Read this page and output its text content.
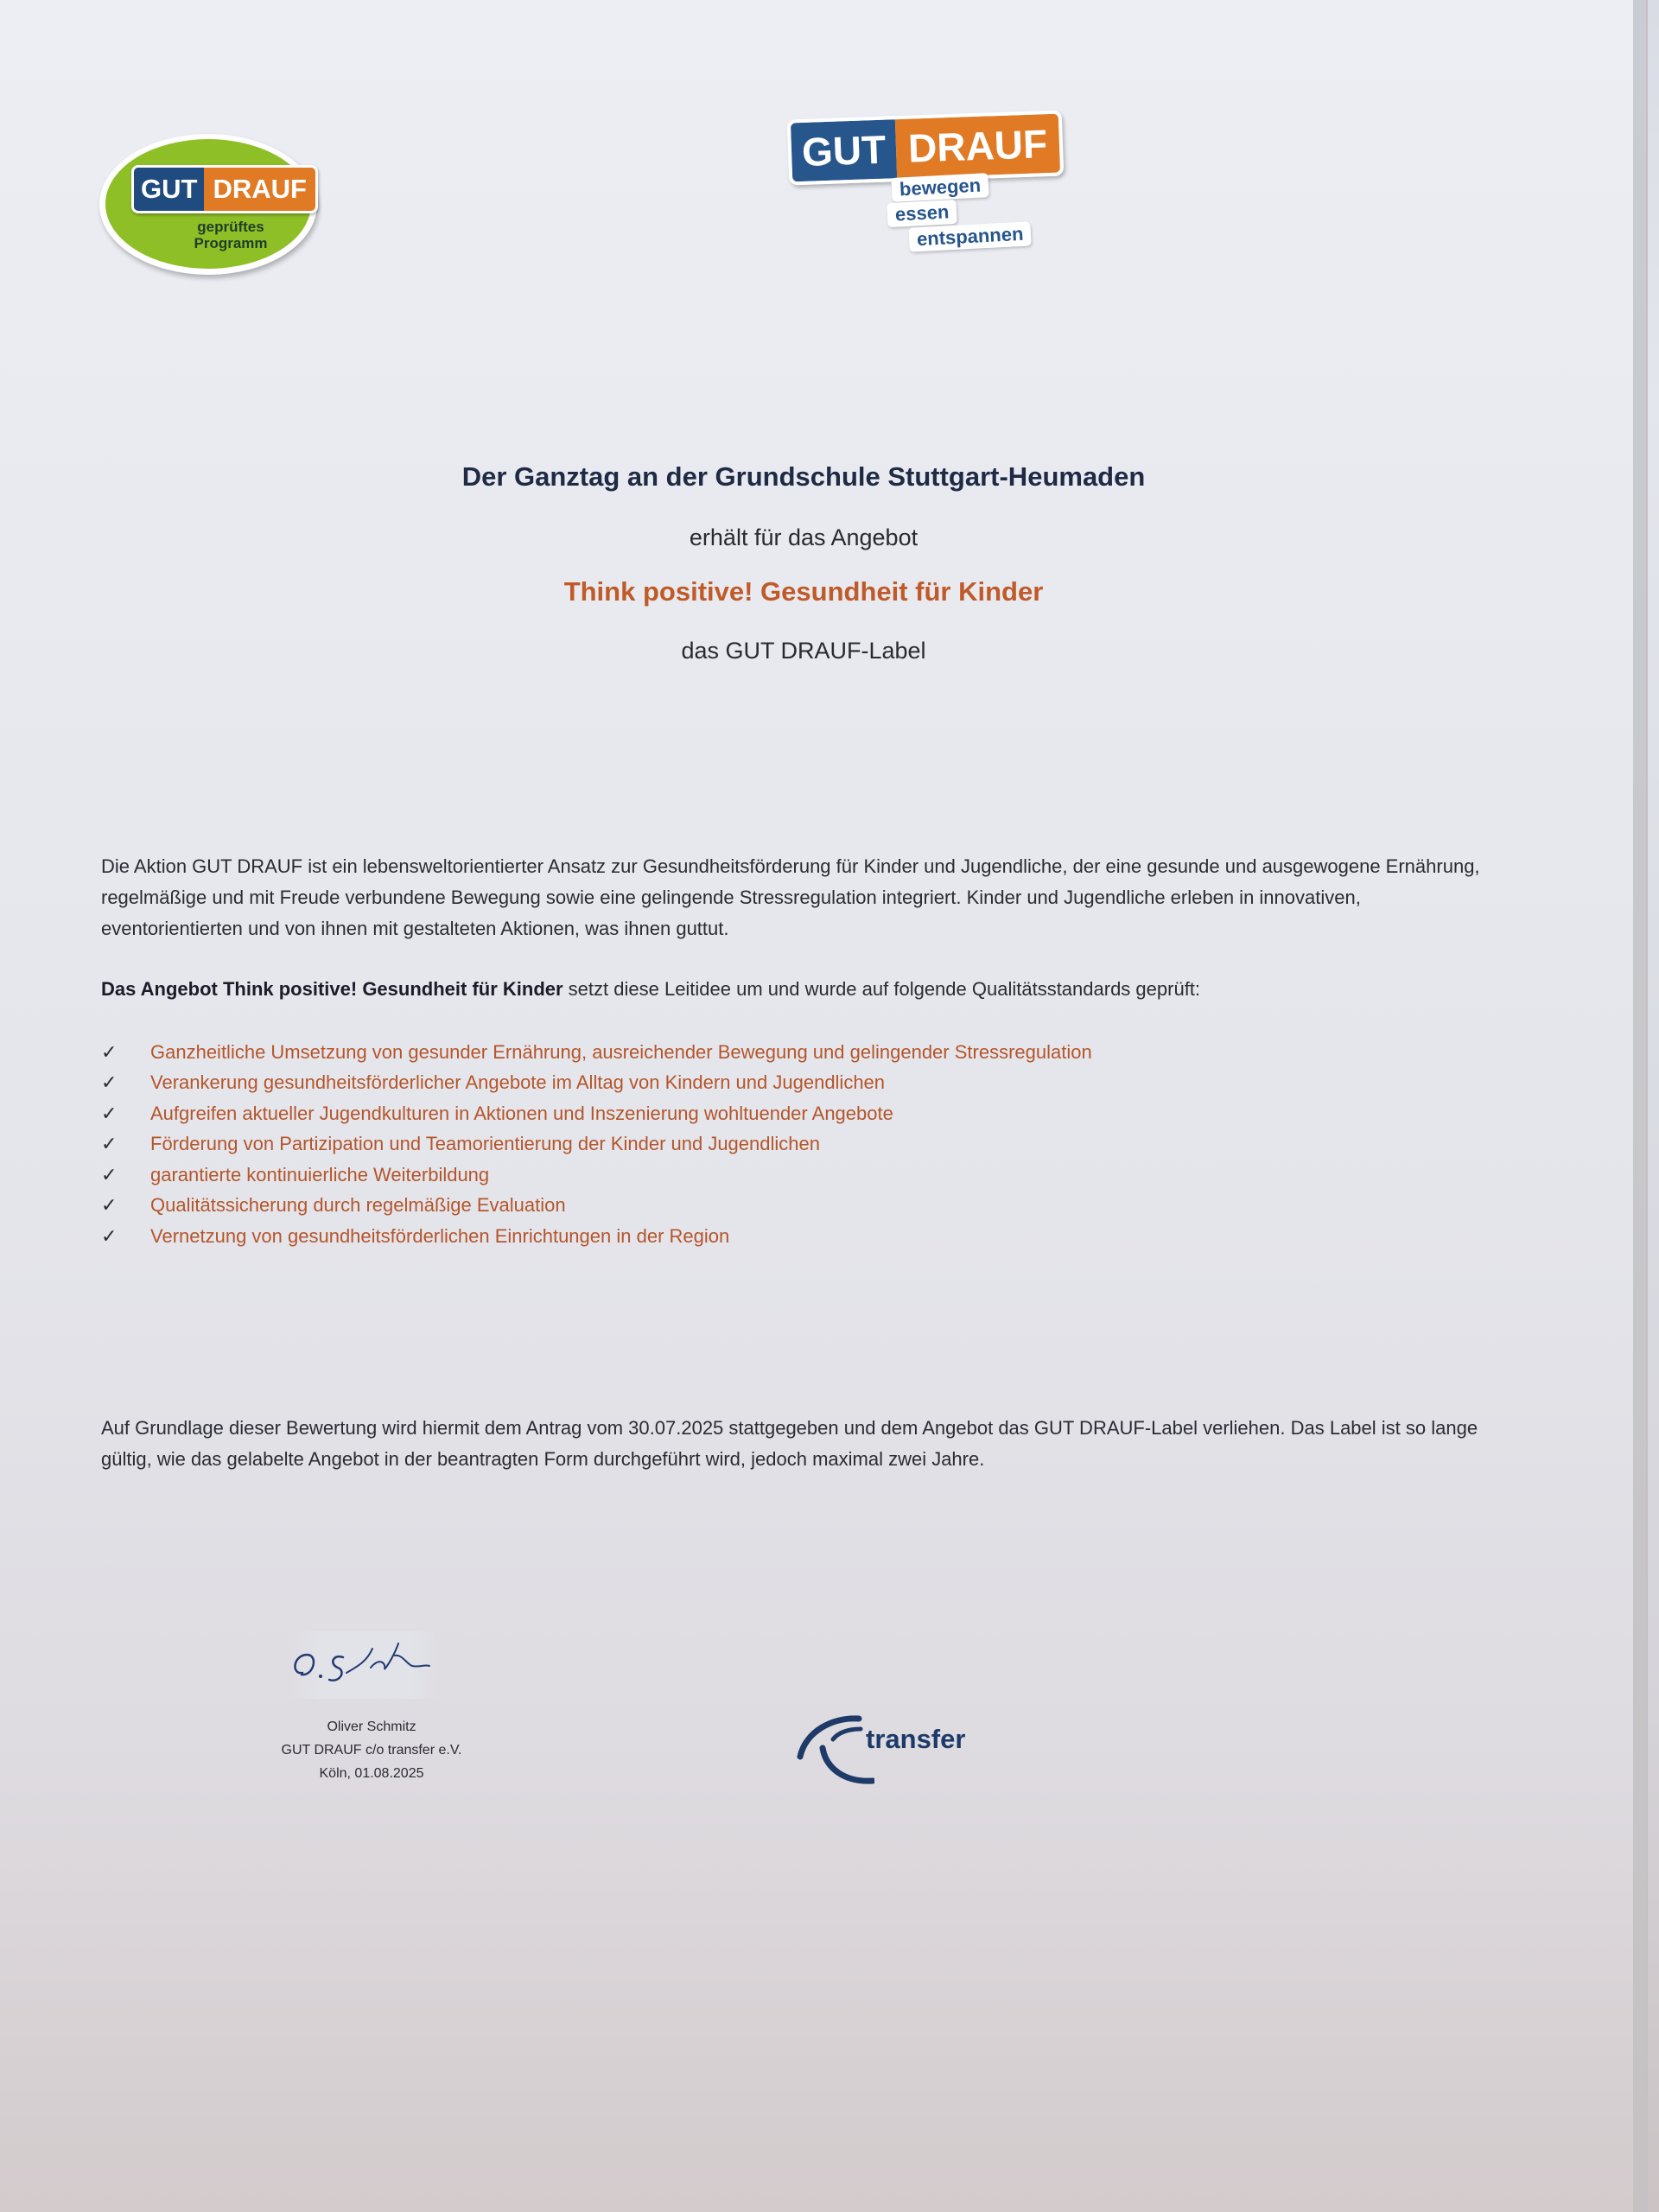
GUT DRAUF
geprüftes
Programm
GUT DRAUF
bewegen
essen
entspannen
Der Ganztag an der Grundschule Stuttgart-Heumaden
erhält für das Angebot
Think positive! Gesundheit für Kinder
das GUT DRAUF-Label
Die Aktion GUT DRAUF ist ein lebensweltorientierter Ansatz zur Gesundheitsförderung für Kinder und Jugendliche, der eine gesunde und ausgewogene Ernährung, regelmäßige und mit Freude verbundene Bewegung sowie eine gelingende Stressregulation integriert. Kinder und Jugendliche erleben in innovativen, eventorientierten und von ihnen mit gestalteten Aktionen, was ihnen guttut.
Das Angebot Think positive! Gesundheit für Kinder setzt diese Leitidee um und wurde auf folgende Qualitätsstandards geprüft:
✓	Ganzheitliche Umsetzung von gesunder Ernährung, ausreichender Bewegung und gelingender Stressregulation
✓	Verankerung gesundheitsförderlicher Angebote im Alltag von Kindern und Jugendlichen
✓	Aufgreifen aktueller Jugendkulturen in Aktionen und Inszenierung wohltuender Angebote
✓	Förderung von Partizipation und Teamorientierung der Kinder und Jugendlichen
✓	garantierte kontinuierliche Weiterbildung
✓	Qualitätssicherung durch regelmäßige Evaluation
✓	Vernetzung von gesundheitsförderlichen Einrichtungen in der Region
Auf Grundlage dieser Bewertung wird hiermit dem Antrag vom 30.07.2025 stattgegeben und dem Angebot das GUT DRAUF-Label verliehen. Das Label ist so lange gültig, wie das gelabelte Angebot in der beantragten Form durchgeführt wird, jedoch maximal zwei Jahre.
Oliver Schmitz
GUT DRAUF c/o transfer e.V.
Köln, 01.08.2025
transfer
